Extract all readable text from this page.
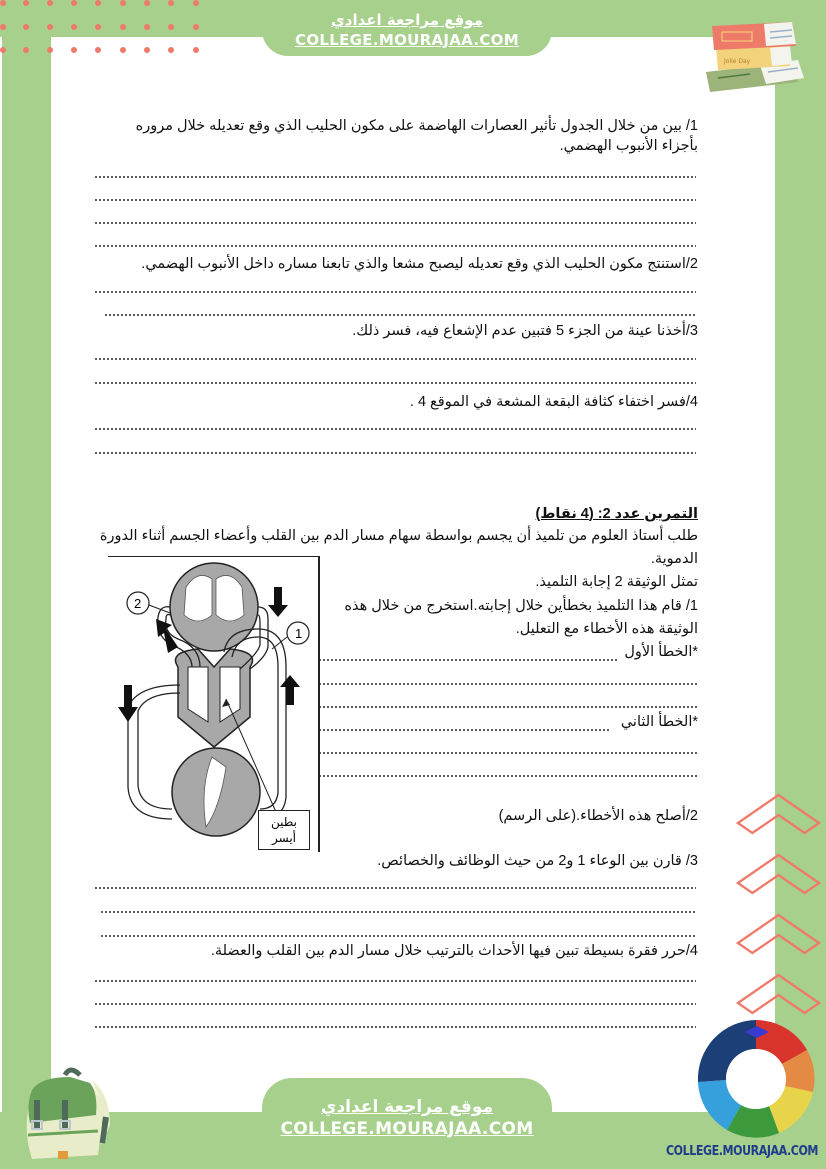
موقع مراجعة اعدادي
COLLEGE.MOURAJAA.COM
Jolie Day
1/ بين من خلال الجدول تأثير العصارات الهاضمة على مكون الحليب الذي وقع تعديله خلال مروره
بأجزاء الأنبوب الهضمي.
2/استنتج مكون الحليب الذي وقع تعديله ليصبح مشعا والذي تابعنا مساره داخل الأنبوب الهضمي.
3/أخذنا عينة من الجزء 5 فتبين عدم الإشعاع فيه، فسر ذلك.
4/فسر اختفاء كثافة البقعة المشعة في الموقع 4 .
التمرين عدد 2: (4 نقاط)
طلب أستاذ العلوم من تلميذ أن يجسم بواسطة سهام مسار الدم بين القلب وأعضاء الجسم أثناء الدورة
الدموية.
تمثل الوثيقة 2 إجابة التلميذ.
1/ قام هذا التلميذ بخطأين خلال إجابته.استخرج من خلال هذه
الوثيقة هذه الأخطاء مع التعليل.
*الخطأ الأول
*الخطأ الثاني
2/أصلح هذه الأخطاء.(على الرسم)
3/ قارن بين الوعاء 1 و2 من حيث الوظائف والخصائص.
4/حرر فقرة بسيطة تبين فيها الأحداث بالترتيب خلال مسار الدم بين القلب والعضلة.
2
1
بطين
أيسر
COLLEGE.MOURAJAA.COM
موقع مراجعة اعدادي
COLLEGE.MOURAJAA.COM
